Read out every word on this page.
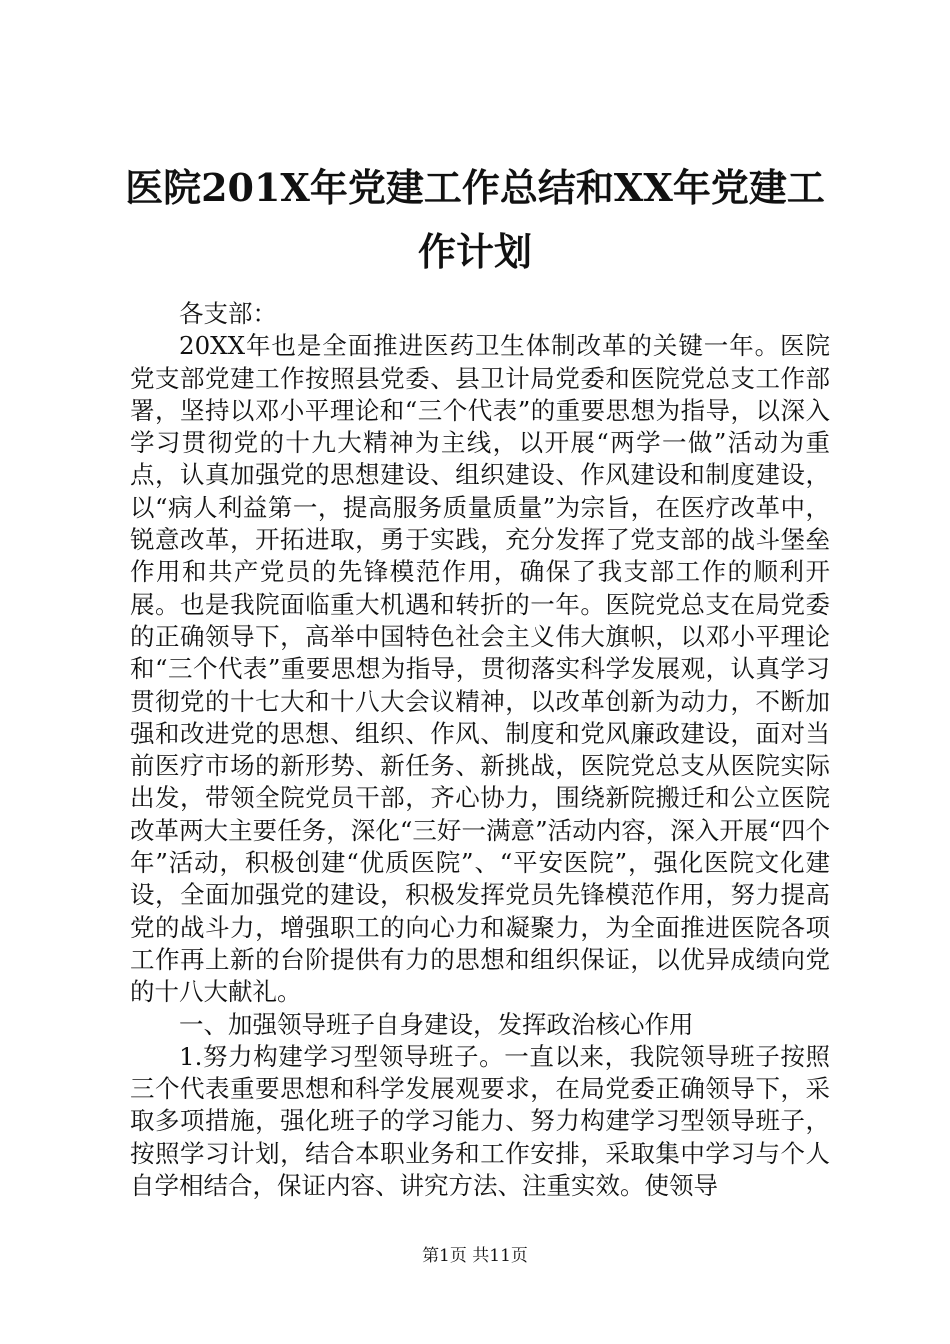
医院201X年党建工作总结和XX年党建工作计划

各支部：

20XX年也是全面推进医药卫生体制改革的关键一年。医院党支部党建工作按照县党委、县卫计局党委和医院党总支工作部署，坚持以邓小平理论和“三个代表”的重要思想为指导，以深入学习贯彻党的十九大精神为主线，以开展“两学一做”活动为重点，认真加强党的思想建设、组织建设、作风建设和制度建设，以“病人利益第一，提高服务质量质量”为宗旨，在医疗改革中，锐意改革，开拓进取，勇于实践，充分发挥了党支部的战斗堡垒作用和共产党员的先锋模范作用，确保了我支部工作的顺利开展。也是我院面临重大机遇和转折的一年。医院党总支在局党委的正确领导下，高举中国特色社会主义伟大旗帜，以邓小平理论和“三个代表”重要思想为指导，贯彻落实科学发展观，认真学习贯彻党的十七大和十八大会议精神，以改革创新为动力，不断加强和改进党的思想、组织、作风、制度和党风廉政建设，面对当前医疗市场的新形势、新任务、新挑战，医院党总支从医院实际出发，带领全院党员干部，齐心协力，围绕新院搬迁和公立医院改革两大主要任务，深化“三好一满意”活动内容，深入开展“四个年”活动，积极创建“优质医院”、“平安医院”，强化医院文化建设，全面加强党的建设，积极发挥党员先锋模范作用，努力提高党的战斗力，增强职工的向心力和凝聚力，为全面推进医院各项工作再上新的台阶提供有力的思想和组织保证，以优异成绩向党的十八大献礼。

一、加强领导班子自身建设，发挥政治核心作用

1.努力构建学习型领导班子。一直以来，我院领导班子按照三个代表重要思想和科学发展观要求，在局党委正确领导下，采取多项措施，强化班子的学习能力、努力构建学习型领导班子，按照学习计划，结合本职业务和工作安排，采取集中学习与个人自学相结合，保证内容、讲究方法、注重实效。使领导

第1页 共11页
